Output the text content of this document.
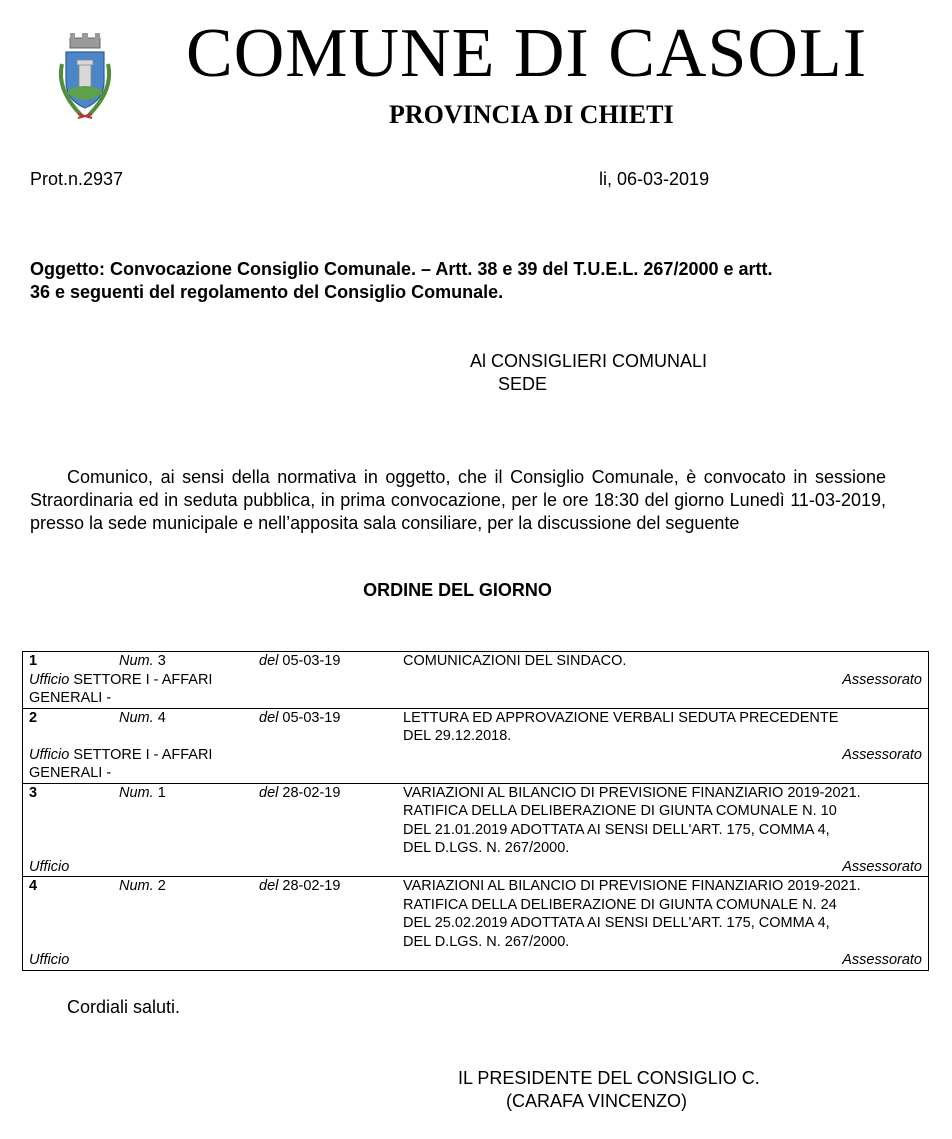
COMUNE DI CASOLI
PROVINCIA DI CHIETI
Prot.n.2937	li, 06-03-2019
Oggetto: Convocazione Consiglio Comunale. – Artt. 38 e 39 del T.U.E.L. 267/2000 e artt.
36 e seguenti del regolamento del Consiglio Comunale.
Al CONSIGLIERI COMUNALI
SEDE
Comunico, ai sensi della normativa in oggetto, che il Consiglio Comunale, è convocato in sessione Straordinaria ed in seduta pubblica, in prima convocazione, per le ore 18:30 del giorno Lunedì 11-03-2019, presso la sede municipale e nell’apposita sala consiliare, per la discussione del seguente
ORDINE DEL GIORNO
1	Num. 3	del 05-03-19	COMUNICAZIONI DEL SINDACO.

Ufficio SETTORE I - AFFARI
GENERALI -			Assessorato
2	Num. 4	del 05-03-19	LETTURA ED APPROVAZIONE VERBALI SEDUTA PRECEDENTE
DEL 29.12.2018.

Ufficio SETTORE I - AFFARI
GENERALI -			Assessorato
3	Num. 1	del 28-02-19	VARIAZIONI AL BILANCIO DI PREVISIONE FINANZIARIO 2019-2021.
RATIFICA DELLA DELIBERAZIONE DI GIUNTA COMUNALE N. 10
DEL 21.01.2019 ADOTTATA AI SENSI DELL'ART. 175, COMMA 4,
DEL D.LGS. N. 267/2000.

Ufficio			Assessorato
4	Num. 2	del 28-02-19	VARIAZIONI AL BILANCIO DI PREVISIONE FINANZIARIO 2019-2021.
RATIFICA DELLA DELIBERAZIONE DI GIUNTA COMUNALE N. 24
DEL 25.02.2019 ADOTTATA AI SENSI DELL'ART. 175, COMMA 4,
DEL D.LGS. N. 267/2000.

Ufficio			Assessorato
Cordiali saluti.
IL PRESIDENTE DEL CONSIGLIO C.
(CARAFA VINCENZO)
